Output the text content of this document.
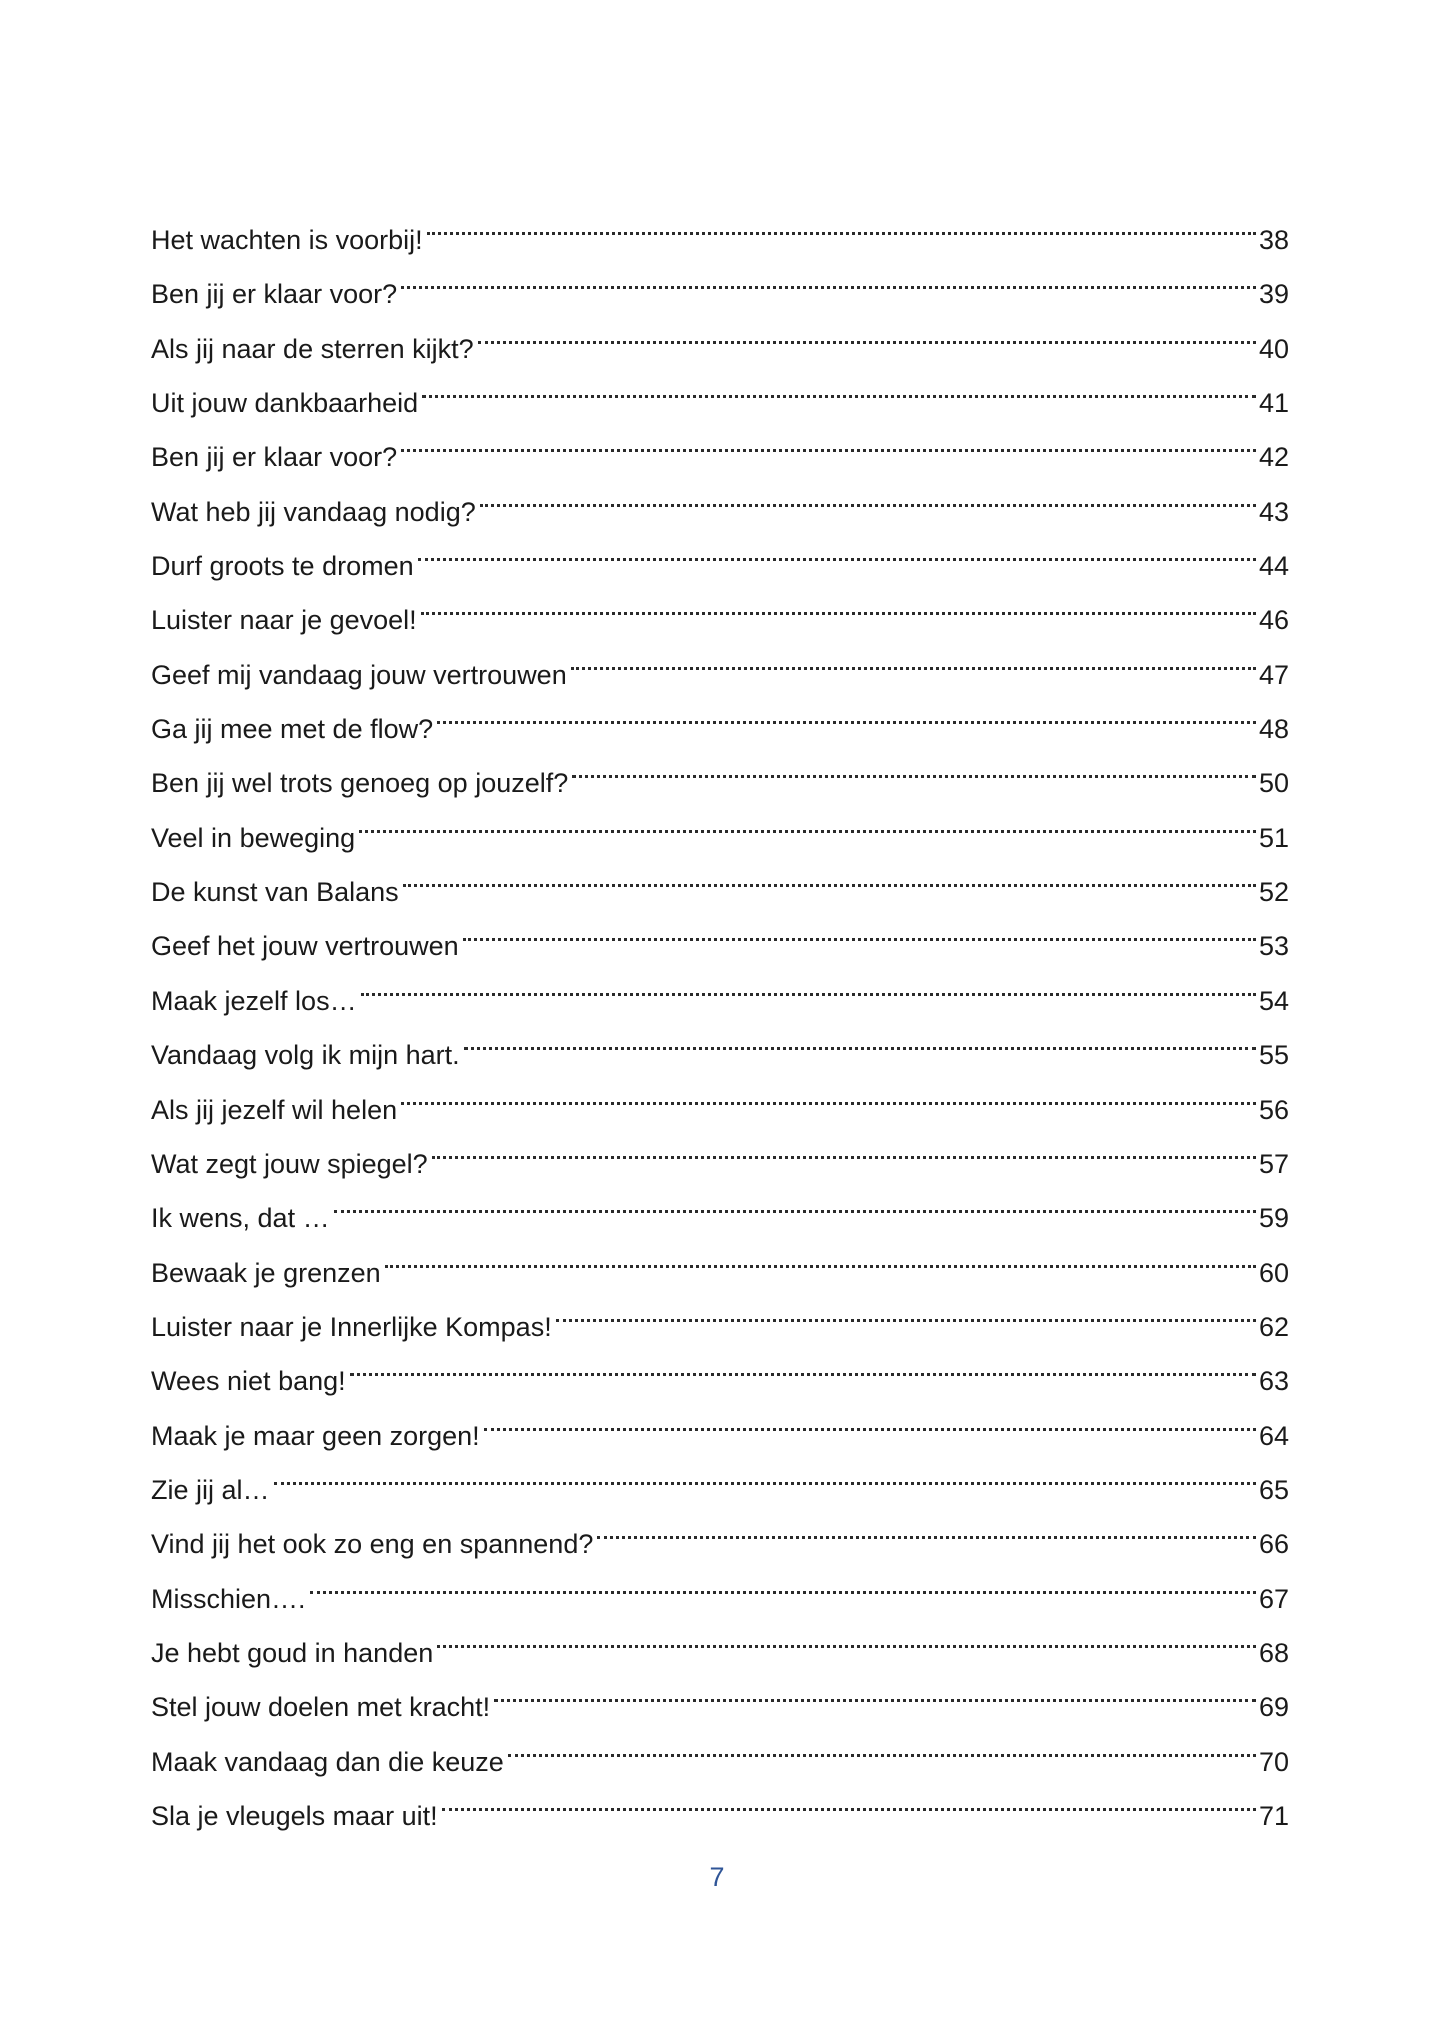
Het wachten is voorbij!	38
Ben jij er klaar voor?	39
Als jij naar de sterren kijkt?	40
Uit jouw dankbaarheid	41
Ben jij er klaar voor?	42
Wat heb jij vandaag nodig?	43
Durf groots te dromen	44
Luister naar je gevoel!	46
Geef mij vandaag jouw vertrouwen	47
Ga jij mee met de flow?	48
Ben jij wel trots genoeg op jouzelf?	50
Veel in beweging	51
De kunst van Balans	52
Geef het jouw vertrouwen	53
Maak jezelf los…	54
Vandaag volg ik mijn hart.	55
Als jij jezelf wil helen	56
Wat zegt jouw spiegel?	57
Ik wens, dat …	59
Bewaak je grenzen	60
Luister naar je Innerlijke Kompas!	62
Wees niet bang!	63
Maak je maar geen zorgen!	64
Zie jij al…	65
Vind jij het ook zo eng en spannend?	66
Misschien….	67
Je hebt goud in handen	68
Stel jouw doelen met kracht!	69
Maak vandaag dan die keuze	70
Sla je vleugels maar uit!	71
7
